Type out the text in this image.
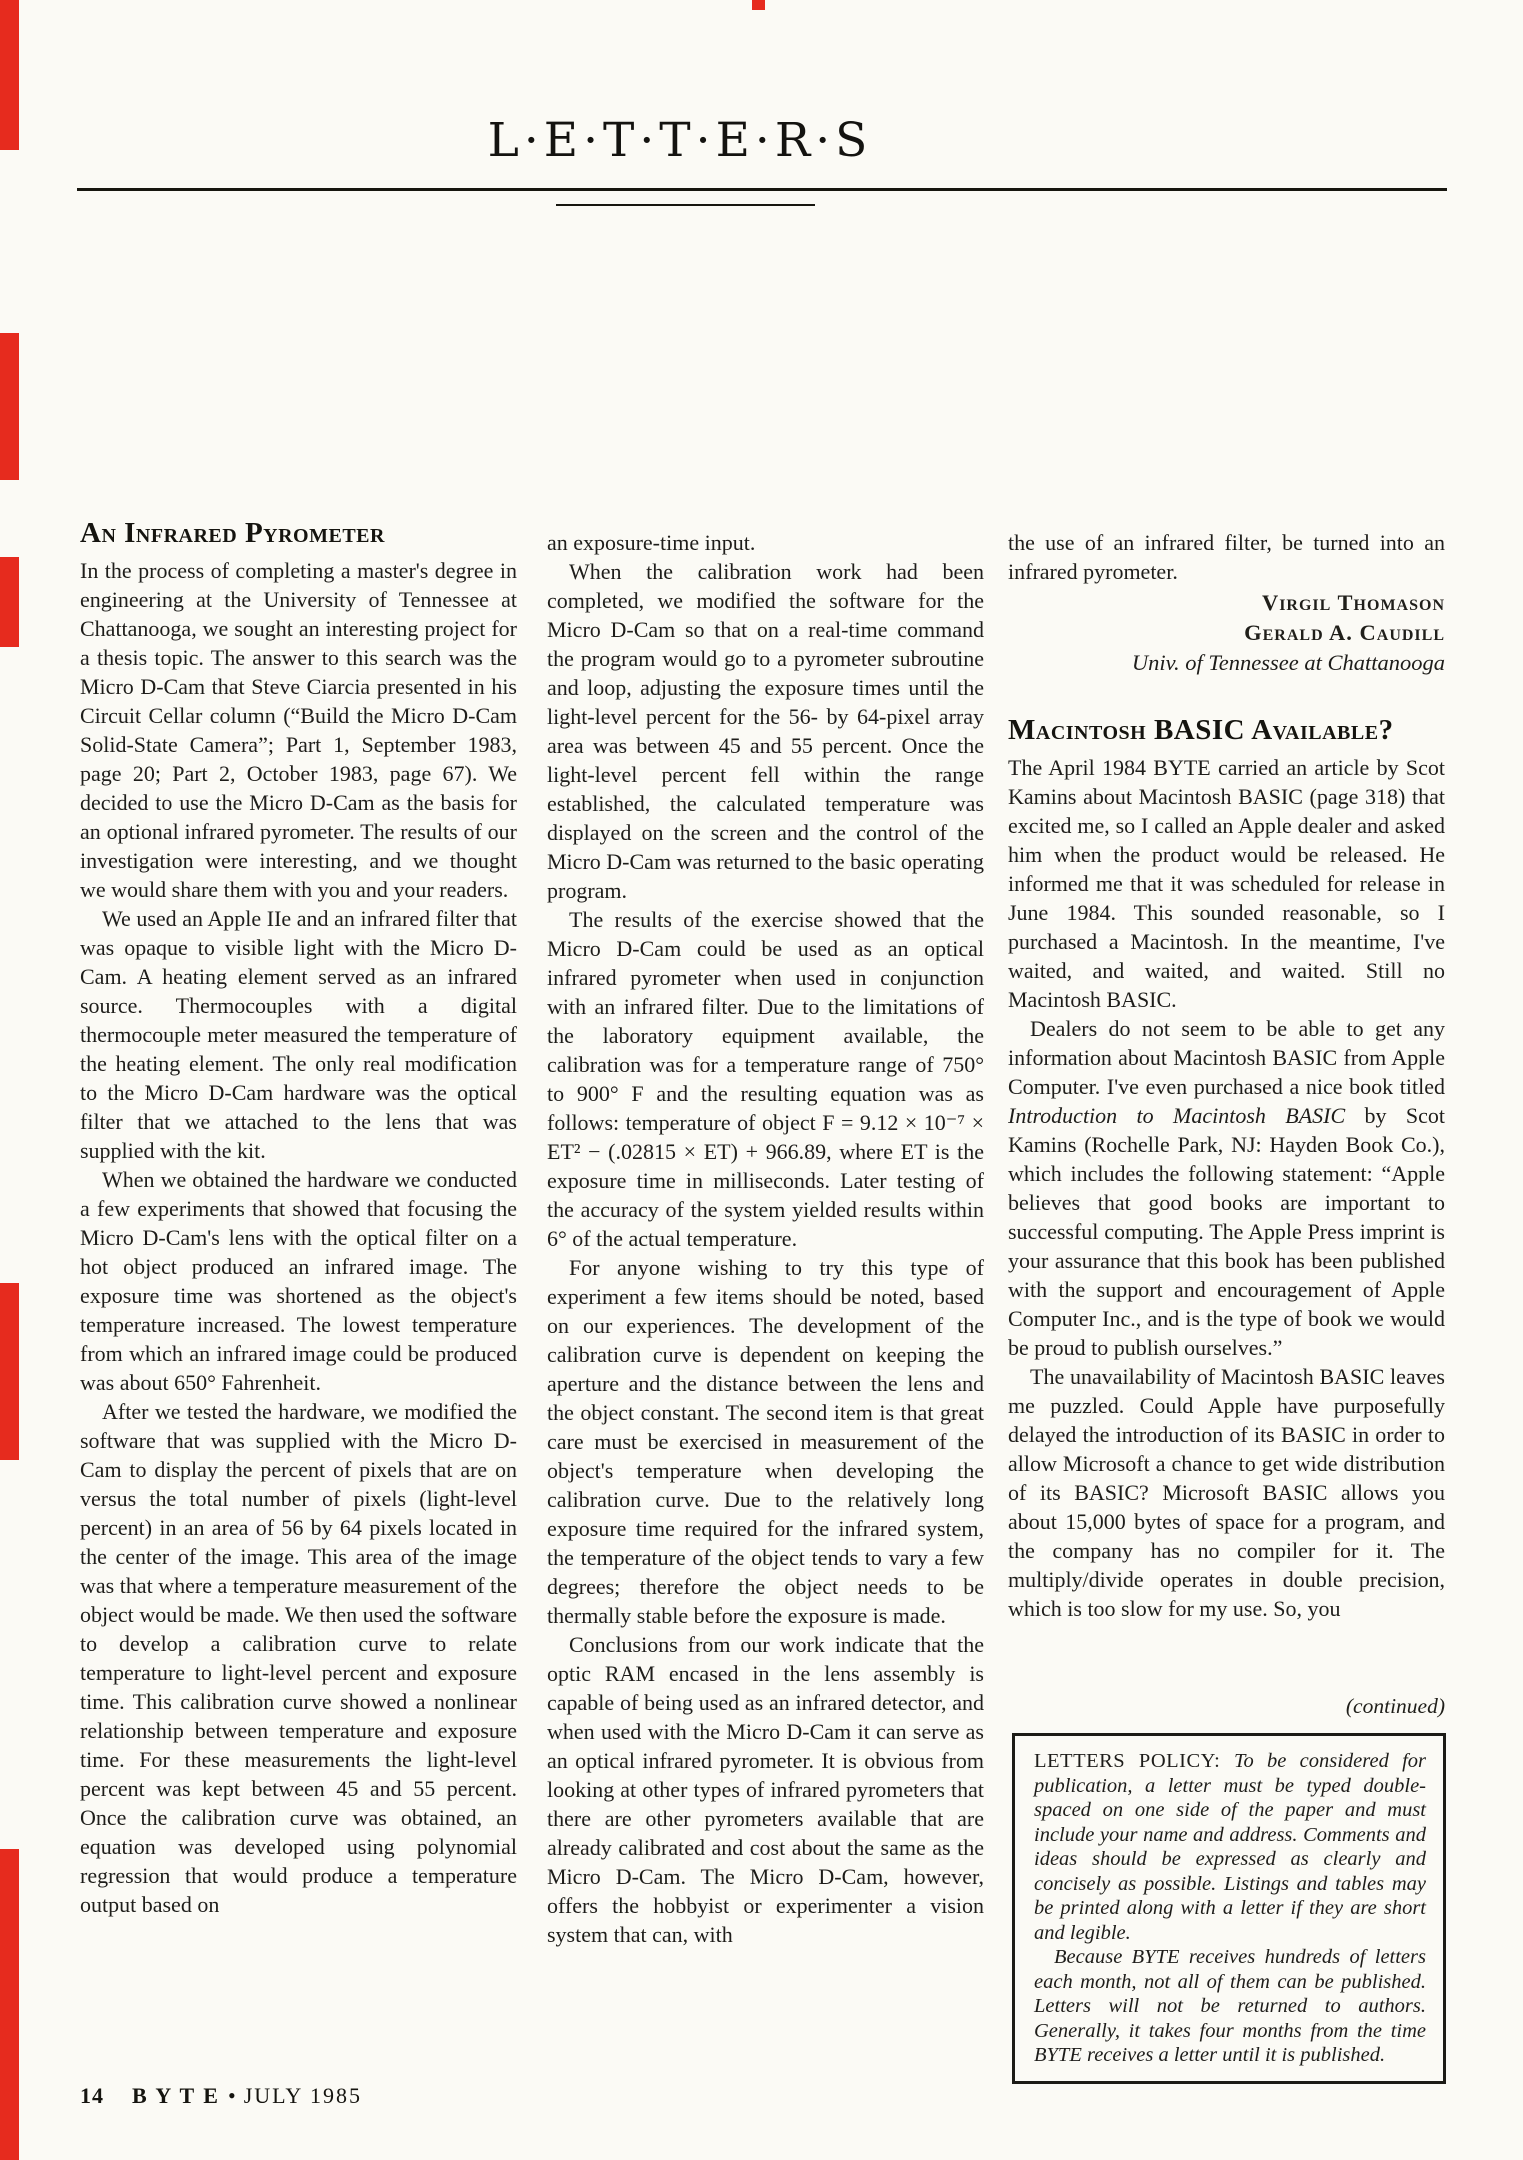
L·E·T·T·E·R·S
An Infrared Pyrometer

In the process of completing a master's degree in engineering at the University of Tennessee at Chattanooga, we sought an interesting project for a thesis topic. The answer to this search was the Micro D-Cam that Steve Ciarcia presented in his Circuit Cellar column (“Build the Micro D-Cam Solid-State Camera”; Part 1, September 1983, page 20; Part 2, October 1983, page 67). We decided to use the Micro D-Cam as the basis for an optional infrared pyrometer. The results of our investigation were interesting, and we thought we would share them with you and your readers.

We used an Apple IIe and an infrared filter that was opaque to visible light with the Micro D-Cam. A heating element served as an infrared source. Thermocouples with a digital thermocouple meter measured the temperature of the heating element. The only real modification to the Micro D-Cam hardware was the optical filter that we attached to the lens that was supplied with the kit.

When we obtained the hardware we conducted a few experiments that showed that focusing the Micro D-Cam's lens with the optical filter on a hot object produced an infrared image. The exposure time was shortened as the object's temperature increased. The lowest temperature from which an infrared image could be produced was about 650° Fahrenheit.

After we tested the hardware, we modified the software that was supplied with the Micro D-Cam to display the percent of pixels that are on versus the total number of pixels (light-level percent) in an area of 56 by 64 pixels located in the center of the image. This area of the image was that where a temperature measurement of the object would be made. We then used the software to develop a calibration curve to relate temperature to light-level percent and exposure time. This calibration curve showed a nonlinear relationship between temperature and exposure time. For these measurements the light-level percent was kept between 45 and 55 percent. Once the calibration curve was obtained, an equation was developed using polynomial regression that would produce a temperature output based on

an exposure-time input.

When the calibration work had been completed, we modified the software for the Micro D-Cam so that on a real-time command the program would go to a pyrometer subroutine and loop, adjusting the exposure times until the light-level percent for the 56- by 64-pixel array area was between 45 and 55 percent. Once the light-level percent fell within the range established, the calculated temperature was displayed on the screen and the control of the Micro D-Cam was returned to the basic operating program.

The results of the exercise showed that the Micro D-Cam could be used as an optical infrared pyrometer when used in conjunction with an infrared filter. Due to the limitations of the laboratory equipment available, the calibration was for a temperature range of 750° to 900° F and the resulting equation was as follows: temperature of object F = 9.12 × 10⁻⁷ × ET² − (.02815 × ET) + 966.89, where ET is the exposure time in milliseconds. Later testing of the accuracy of the system yielded results within 6° of the actual temperature.

For anyone wishing to try this type of experiment a few items should be noted, based on our experiences. The development of the calibration curve is dependent on keeping the aperture and the distance between the lens and the object constant. The second item is that great care must be exercised in measurement of the object's temperature when developing the calibration curve. Due to the relatively long exposure time required for the infrared system, the temperature of the object tends to vary a few degrees; therefore the object needs to be thermally stable before the exposure is made.

Conclusions from our work indicate that the optic RAM encased in the lens assembly is capable of being used as an infrared detector, and when used with the Micro D-Cam it can serve as an optical infrared pyrometer. It is obvious from looking at other types of infrared pyrometers that there are other pyrometers available that are already calibrated and cost about the same as the Micro D-Cam. The Micro D-Cam, however, offers the hobbyist or experimenter a vision system that can, with

the use of an infrared filter, be turned into an infrared pyrometer.

Virgil Thomason
Gerald A. Caudill
Univ. of Tennessee at Chattanooga
Macintosh BASIC Available?

The April 1984 BYTE carried an article by Scot Kamins about Macintosh BASIC (page 318) that excited me, so I called an Apple dealer and asked him when the product would be released. He informed me that it was scheduled for release in June 1984. This sounded reasonable, so I purchased a Macintosh. In the meantime, I've waited, and waited, and waited. Still no Macintosh BASIC.

Dealers do not seem to be able to get any information about Macintosh BASIC from Apple Computer. I've even purchased a nice book titled Introduction to Macintosh BASIC by Scot Kamins (Rochelle Park, NJ: Hayden Book Co.), which includes the following statement: “Apple believes that good books are important to successful computing. The Apple Press imprint is your assurance that this book has been published with the support and encouragement of Apple Computer Inc., and is the type of book we would be proud to publish ourselves.”

The unavailability of Macintosh BASIC leaves me puzzled. Could Apple have purposefully delayed the introduction of its BASIC in order to allow Microsoft a chance to get wide distribution of its BASIC? Microsoft BASIC allows you about 15,000 bytes of space for a program, and the company has no compiler for it. The multiply/divide operates in double precision, which is too slow for my use. So, you

(continued)

LETTERS POLICY: To be considered for publication, a letter must be typed double-spaced on one side of the paper and must include your name and address. Comments and ideas should be expressed as clearly and concisely as possible. Listings and tables may be printed along with a letter if they are short and legible.

Because BYTE receives hundreds of letters each month, not all of them can be published. Letters will not be returned to authors. Generally, it takes four months from the time BYTE receives a letter until it is published.

14 B Y T E • JULY 1985
